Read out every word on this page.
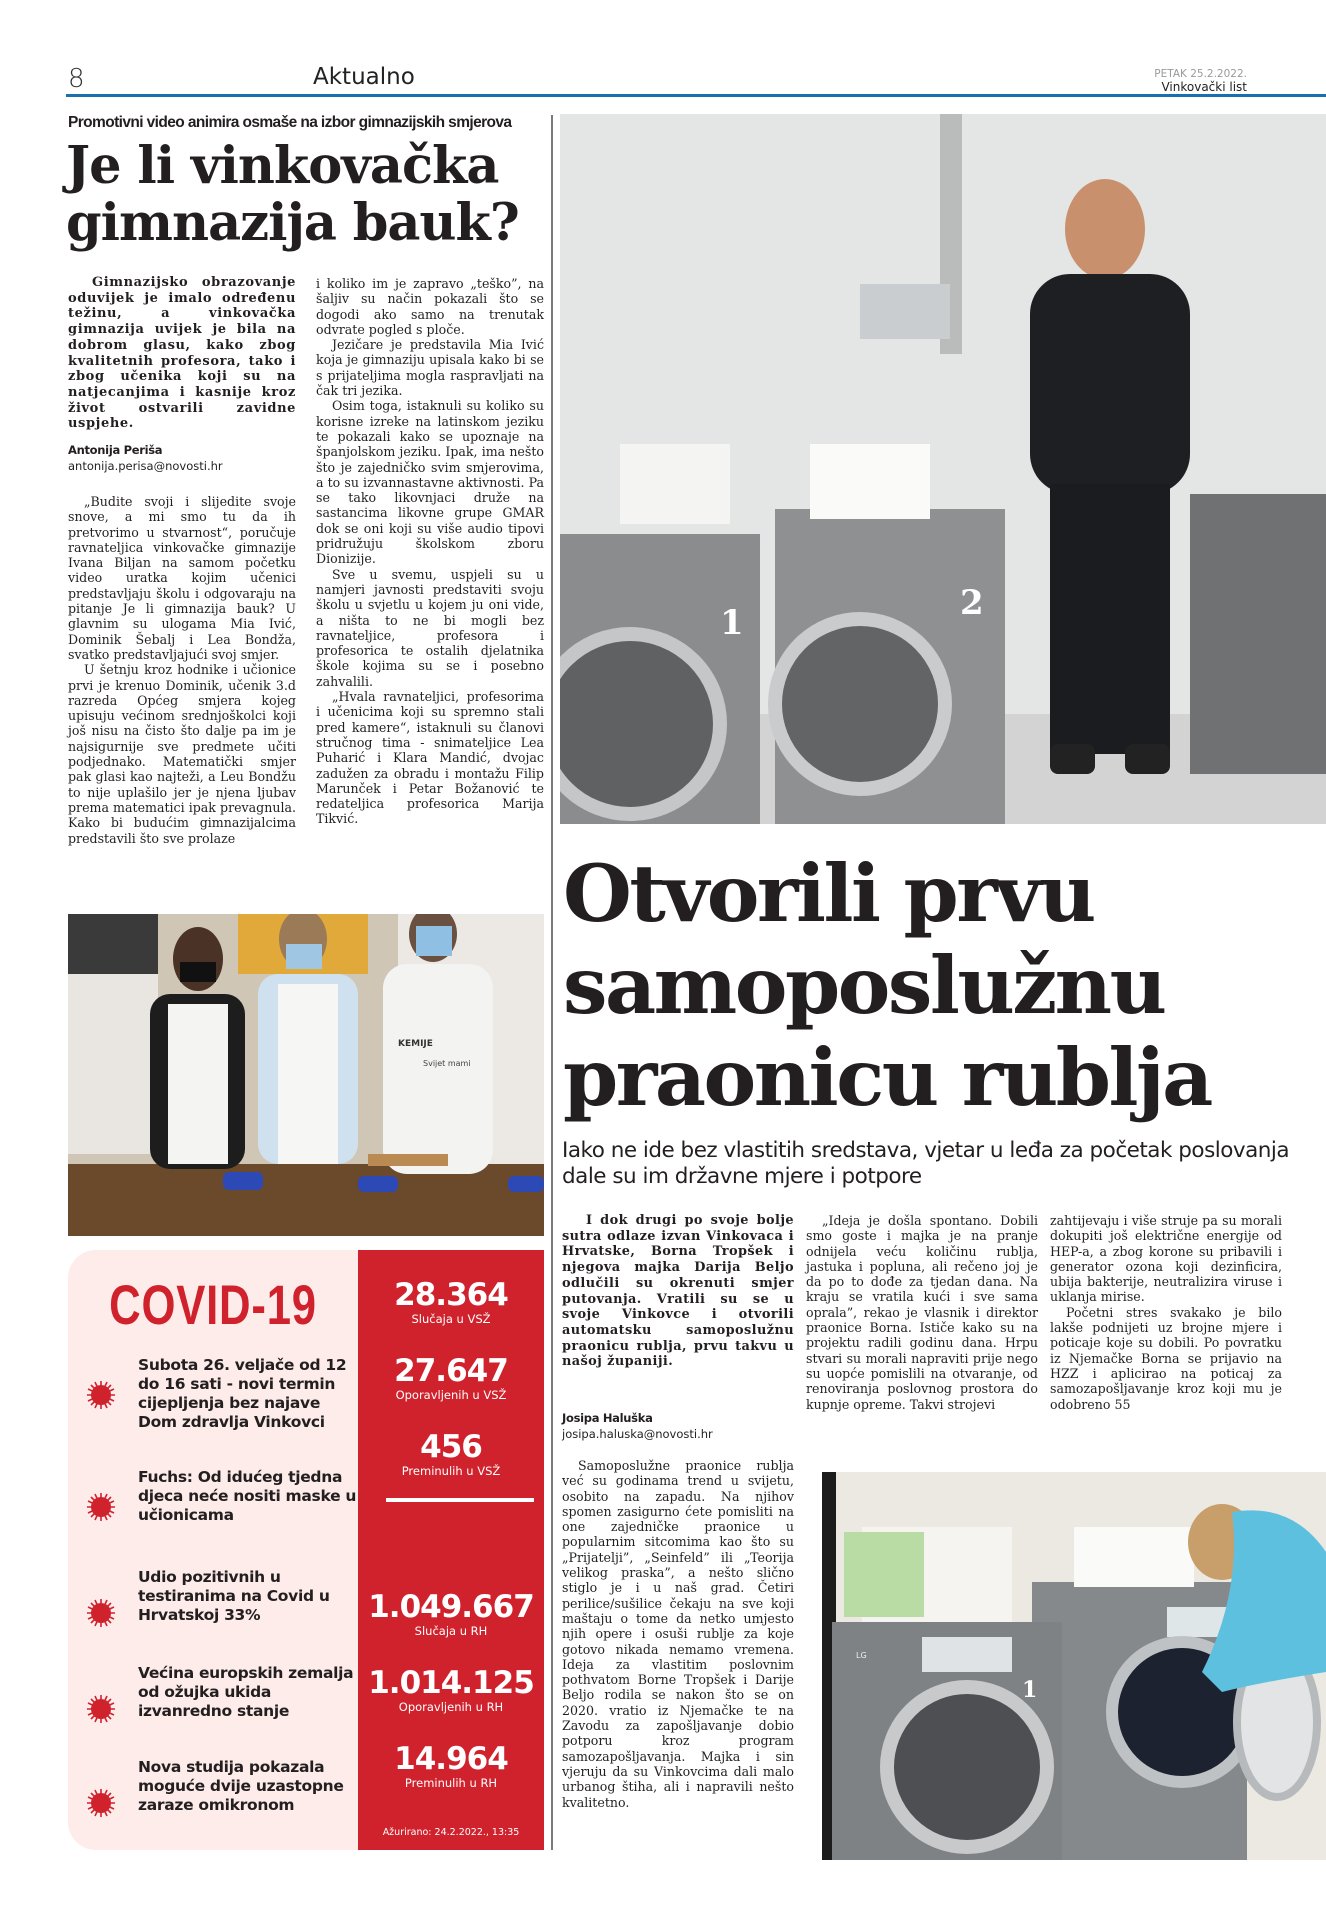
8	Aktualno	PETAK 25.2.2022.
Vinkovački list
Promotivni video animira osmaše na izbor gimnazijskih smjerova
Je li vinkovačka gimnazija bauk?

Gimnazijsko obrazovanje oduvijek je imalo određenu težinu, a vinkovačka gimnazija uvijek je bila na dobrom glasu, kako zbog kvalitetnih profesora, tako i zbog učenika koji su na natjecanjima i kasnije kroz život ostvarili zavidne uspjehe.

Antonija Periša
antonija.perisa@novosti.hr

„Budite svoji i slijedite svoje snove, a mi smo tu da ih pretvorimo u stvarnost“, poručuje ravnateljica vinkovačke gimnazije Ivana Biljan na samom početku video uratka kojim učenici predstavljaju školu i odgovaraju na pitanje Je li gimnazija bauk? U glavnim su ulogama Mia Ivić, Dominik Šebalj i Lea Bondža, svatko predstavljajući svoj smjer.

U šetnju kroz hodnike i učionice prvi je krenuo Dominik, učenik 3.d razreda Općeg smjera kojeg upisuju većinom srednjoškolci koji još nisu na čisto što dalje pa im je najsigurnije sve predmete učiti podjednako. Matematički smjer pak glasi kao najteži, a Leu Bondžu to nije uplašilo jer je njena ljubav prema matematici ipak prevagnula. Kako bi budućim gimnazijalcima predstavili što sve prolaze

i koliko im je zapravo „teško”, na šaljiv su način pokazali što se dogodi ako samo na trenutak odvrate pogled s ploče.

Jezičare je predstavila Mia Ivić koja je gimnaziju upisala kako bi se s prijateljima mogla raspravljati na čak tri jezika.

Osim toga, istaknuli su koliko su korisne izreke na latinskom jeziku te pokazali kako se upoznaje na španjolskom jeziku. Ipak, ima nešto što je zajedničko svim smjerovima, a to su izvannastavne aktivnosti. Pa se tako likovnjaci druže na sastancima likovne grupe GMAR dok se oni koji su više audio tipovi pridružuju školskom zboru Dionizije.

Sve u svemu, uspjeli su u namjeri javnosti predstaviti svoju školu u svjetlu u kojem ju oni vide, a ništa to ne bi mogli bez ravnateljice, profesora i profesorica te ostalih djelatnika škole kojima su se i posebno zahvalili.

„Hvala ravnateljici, profesorima i učenicima koji su spremno stali pred kamere“, istaknuli su članovi stručnog tima - snimateljice Lea Puharić i Klara Mandić, dvojac zadužen za obradu i montažu Filip Marunček i Petar Božanović te redateljica profesorica Marija Tikvić.

KEMIJE
Svijet mami
COVID-19
Subota 26. veljače od 12 do 16 sati - novi termin cijepljenja bez najave Dom zdravlja Vinkovci
Fuchs: Od idućeg tjedna djeca neće nositi maske u učionicama
Udio pozitivnih u testiranima na Covid u Hrvatskoj 33%
Većina europskih zemalja od ožujka ukida izvanredno stanje
Nova studija pokazala moguće dvije uzastopne zaraze omikronom
28.364
Slučaja u VSŽ
27.647
Oporavljenih u VSŽ
456
Preminulih u VSŽ
1.049.667
Slučaja u RH
1.014.125
Oporavljenih u RH
14.964
Preminulih u RH
Ažurirano: 24.2.2022., 13:35
1	2
Otvorili prvu samoposlužnu praonicu rublja
Iako ne ide bez vlastitih sredstava, vjetar u leđa za početak poslovanja dale su im državne mjere i potpore

I dok drugi po svoje bolje sutra odlaze izvan Vinkovaca i Hrvatske, Borna Tropšek i njegova majka Darija Beljo odlučili su okrenuti smjer putovanja. Vratili su se u svoje Vinkovce i otvorili automatsku samoposlužnu praonicu rublja, prvu takvu u našoj županiji.

Josipa Haluška
josipa.haluska@novosti.hr

Samoposlužne praonice rublja već su godinama trend u svijetu, osobito na zapadu. Na njihov spomen zasigurno ćete pomisliti na one zajedničke praonice u popularnim sitcomima kao što su „Prijatelji”, „Seinfeld” ili „Teorija velikog praska”, a nešto slično stiglo je i u naš grad. Četiri perilice/sušilice čekaju na sve koji maštaju o tome da netko umjesto njih opere i osuši rublje za koje gotovo nikada nemamo vremena. Ideja za vlastitim poslovnim pothvatom Borne Tropšek i Darije Beljo rodila se nakon što se on 2020. vratio iz Njemačke te na Zavodu za zapošljavanje dobio potporu kroz program samozapošljavanja. Majka i sin vjeruju da su Vinkovcima dali malo urbanog štiha, ali i napravili nešto kvalitetno.

„Ideja je došla spontano. Dobili smo goste i majka je na pranje odnijela veću količinu rublja, jastuka i popluna, ali rečeno joj je da po to dođe za tjedan dana. Na kraju se vratila kući i sve sama oprala”, rekao je vlasnik i direktor praonice Borna. Ističe kako su na projektu radili godinu dana. Hrpu stvari su morali napraviti prije nego su uopće pomislili na otvaranje, od renoviranja poslovnog prostora do kupnje opreme. Takvi strojevi

zahtijevaju i više struje pa su morali dokupiti još električne energije od HEP-a, a zbog korone su pribavili i generator ozona koji dezinficira, ubija bakterije, neutralizira viruse i uklanja mirise.

Početni stres svakako je bilo lakše podnijeti uz brojne mjere i poticaje koje su dobili. Po povratku iz Njemačke Borna se prijavio na HZZ i aplicirao na poticaj za samozapošljavanje kroz koji mu je odobreno 55

1
LG
